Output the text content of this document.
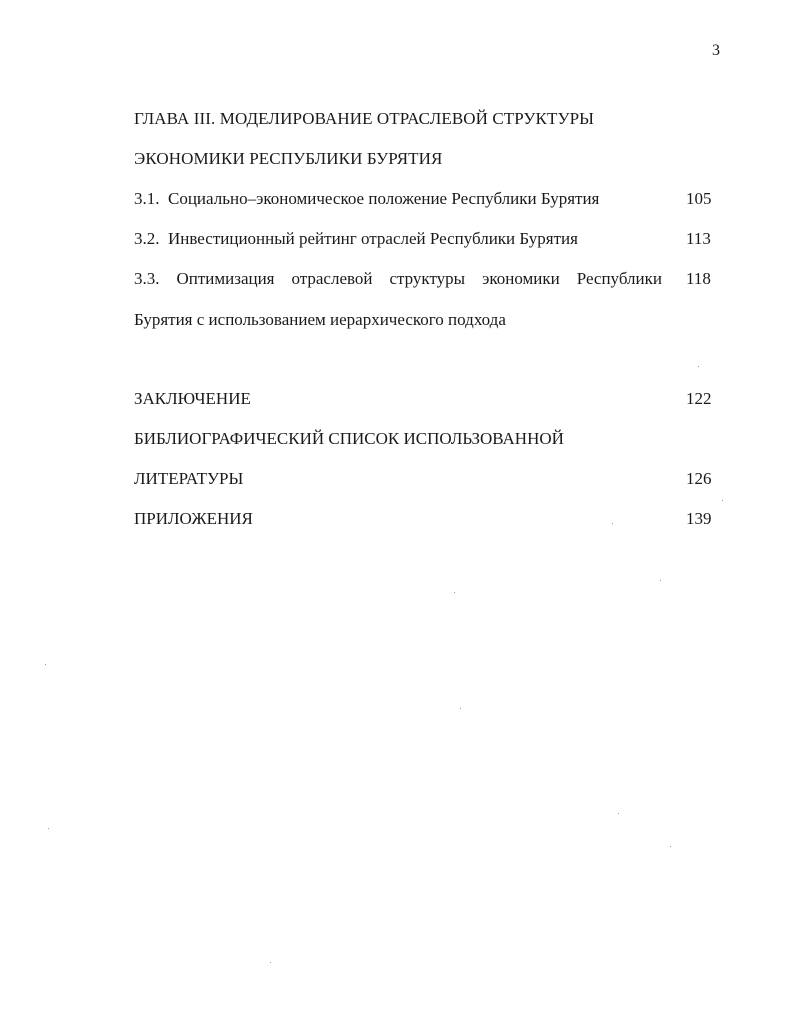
3
ГЛАВА III. МОДЕЛИРОВАНИЕ ОТРАСЛЕВОЙ СТРУКТУРЫ
ЭКОНОМИКИ РЕСПУБЛИКИ БУРЯТИЯ
3.1. Социально–экономическое положение Республики Бурятия	105
3.2. Инвестиционный рейтинг отраслей Республики Бурятия	113
3.3. Оптимизация отраслевой структуры экономики Республики 118
Бурятия с использованием иерархического подхода
ЗАКЛЮЧЕНИЕ	122
БИБЛИОГРАФИЧЕСКИЙ СПИСОК ИСПОЛЬЗОВАННОЙ
ЛИТЕРАТУРЫ	126
ПРИЛОЖЕНИЯ	139
